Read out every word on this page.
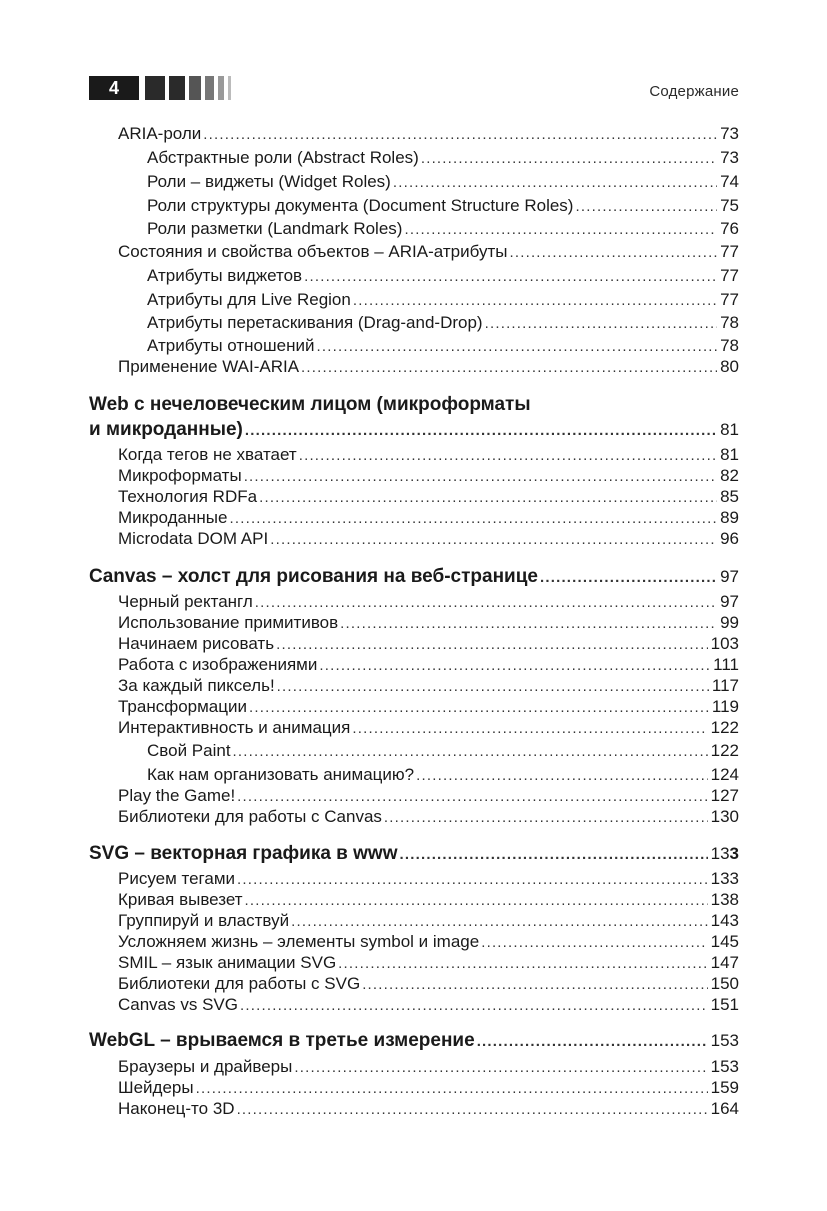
4	Содержание
ARIA-роли .....	73
Абстрактные роли (Abstract Roles) .....	73
Роли – виджеты (Widget Roles) .....	74
Роли структуры документа (Document Structure Roles) .....	75
Роли разметки (Landmark Roles) .....	76
Состояния и свойства объектов – ARIA-атрибуты .....	77
Атрибуты виджетов .....	77
Атрибуты для Live Region .....	77
Атрибуты перетаскивания (Drag-and-Drop) .....	78
Атрибуты отношений .....	78
Применение WAI-ARIA .....	80
Web с нечеловеческим лицом (микроформаты
и микроданные) .....	81
Когда тегов не хватает .....	81
Микроформаты .....	82
Технология RDFa .....	85
Микроданные .....	89
Microdata DOM API .....	96
Canvas – холст для рисования на веб-странице .....	97
Черный ректангл .....	97
Использование примитивов .....	99
Начинаем рисовать .....	103
Работа с изображениями .....	111
За каждый пиксель! .....	117
Трансформации .....	119
Интерактивность и анимация .....	122
Свой Paint .....	122
Как нам организовать анимацию? .....	124
Play the Game! .....	127
Библиотеки для работы с Canvas .....	130
SVG – векторная графика в www .....	133
Рисуем тегами .....	133
Кривая вывезет .....	138
Группируй и властвуй .....	143
Усложняем жизнь – элементы symbol и image .....	145
SMIL – язык анимации SVG .....	147
Библиотеки для работы с SVG .....	150
Canvas vs SVG .....	151
WebGL – врываемся в третье измерение .....	153
Браузеры и драйверы .....	153
Шейдеры .....	159
Наконец-то 3D .....	164
